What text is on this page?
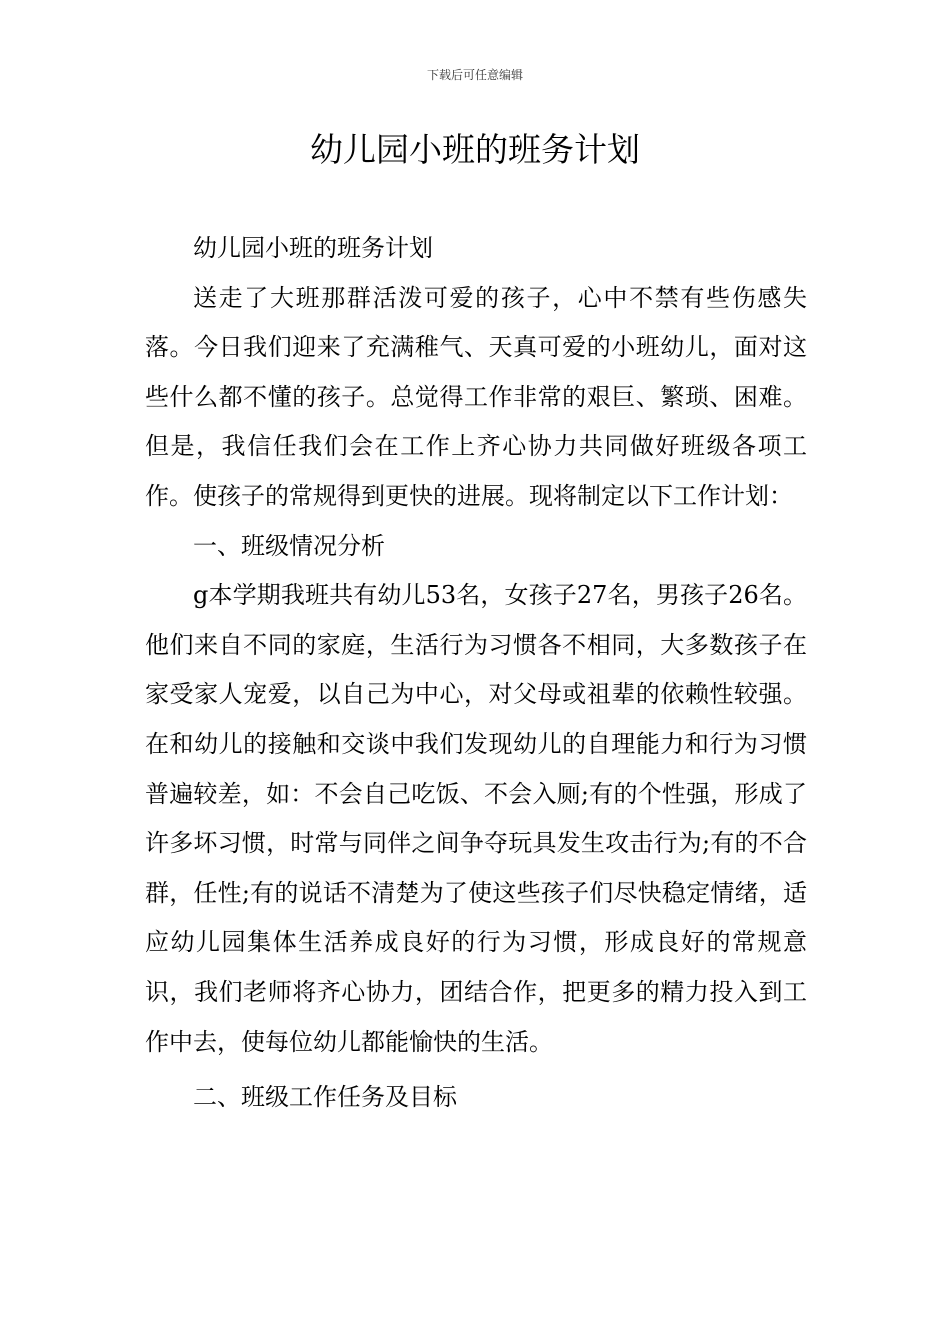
下载后可任意编辑
幼儿园小班的班务计划

幼儿园小班的班务计划

送走了大班那群活泼可爱的孩子，心中不禁有些伤感失落。今日我们迎来了充满稚气、天真可爱的小班幼儿，面对这些什么都不懂的孩子。总觉得工作非常的艰巨、繁琐、困难。但是，我信任我们会在工作上齐心协力共同做好班级各项工作。使孩子的常规得到更快的进展。现将制定以下工作计划：

一、班级情况分析

g本学期我班共有幼儿53名，女孩子27名，男孩子26名。他们来自不同的家庭，生活行为习惯各不相同，大多数孩子在家受家人宠爱，以自己为中心，对父母或祖辈的依赖性较强。在和幼儿的接触和交谈中我们发现幼儿的自理能力和行为习惯普遍较差，如：不会自己吃饭、不会入厕;有的个性强，形成了许多坏习惯，时常与同伴之间争夺玩具发生攻击行为;有的不合群，任性;有的说话不清楚为了使这些孩子们尽快稳定情绪，适应幼儿园集体生活养成良好的行为习惯，形成良好的常规意识，我们老师将齐心协力，团结合作，把更多的精力投入到工作中去，使每位幼儿都能愉快的生活。

二、班级工作任务及目标
